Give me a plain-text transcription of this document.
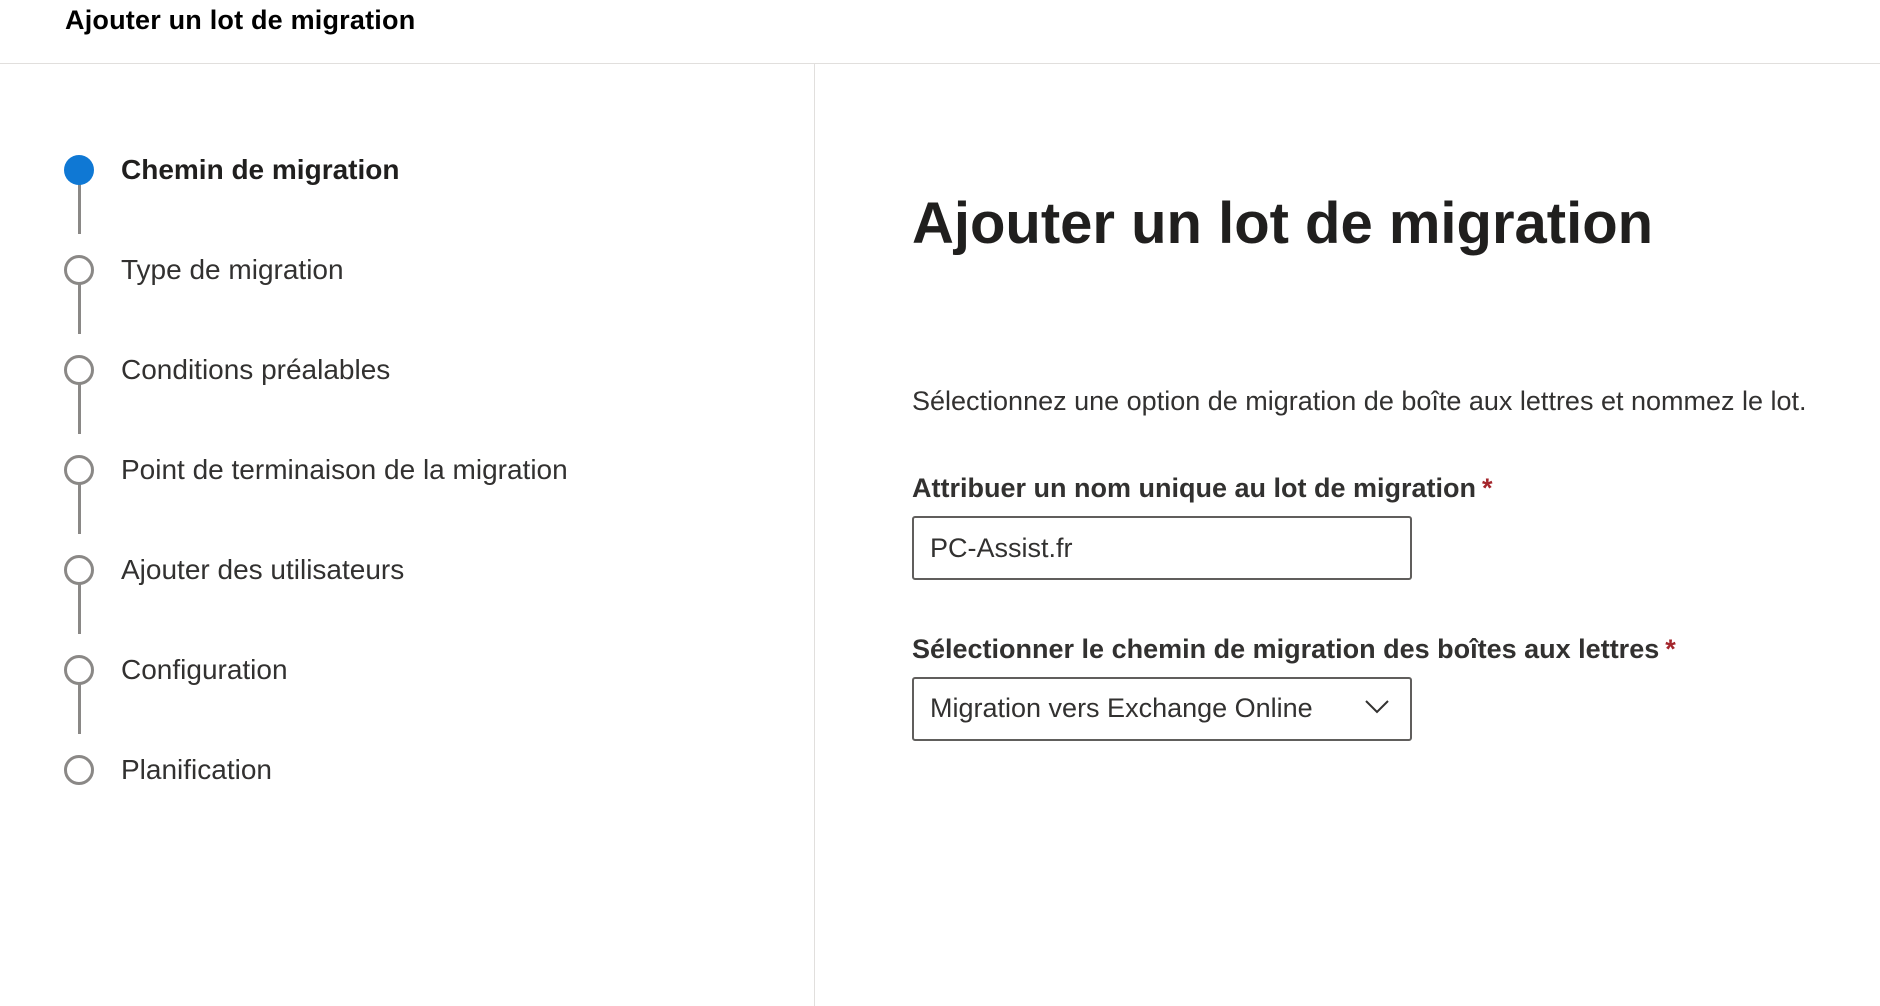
Ajouter un lot de migration
Chemin de migration
Type de migration
Conditions préalables
Point de terminaison de la migration
Ajouter des utilisateurs
Configuration
Planification
Ajouter un lot de migration
Sélectionnez une option de migration de boîte aux lettres et nommez le lot.
Attribuer un nom unique au lot de migration *
PC-Assist.fr
Sélectionner le chemin de migration des boîtes aux lettres *
Migration vers Exchange Online
